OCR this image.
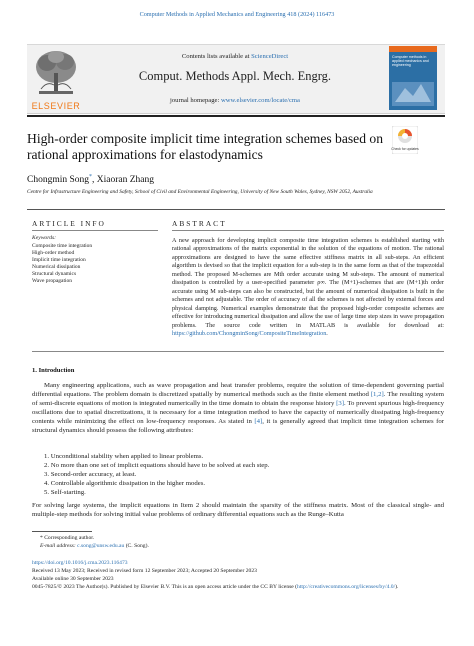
Computer Methods in Applied Mechanics and Engineering 418 (2024) 116473
ELSEVIER
Contents lists available at ScienceDirect
Comput. Methods Appl. Mech. Engrg.
journal homepage: www.elsevier.com/locate/cma
Computer methods in applied mechanics and engineering
High-order composite implicit time integration schemes based on rational approximations for elastodynamics	Check for updates
Chongmin Song*, Xiaoran Zhang
Centre for Infrastructure Engineering and Safety, School of Civil and Environmental Engineering, University of New South Wales, Sydney, NSW 2052, Australia
ARTICLE INFO	ABSTRACT
Keywords:
Composite time integration
High-order method
Implicit time integration
Numerical dissipation
Structural dynamics
Wave propagation
A new approach for developing implicit composite time integration schemes is established starting with rational approximations of the matrix exponential in the solution of the equations of motion. The rational approximations are designed to have the same effective stiffness matrix in all sub-steps. An efficient algorithm is devised so that the implicit equation for a sub-step is in the same form as that of the trapezoidal method. The proposed M-schemes are Mth order accurate using M sub-steps. The amount of numerical dissipation is controlled by a user-specified parameter ρ∞. The (M+1)-schemes that are (M+1)th order accurate using M sub-steps can also be constructed, but the amount of numerical dissipation is built in the schemes and not adjustable. The order of accuracy of all the schemes is not affected by external forces and physical damping. Numerical examples demonstrate that the proposed high-order composite schemes are effective for introducing numerical dissipation and allow the use of large time step sizes in wave propagation problems. The source code written in MATLAB is available for download at: https://github.com/ChongminSong/CompositeTimeIntegration.
1. Introduction
Many engineering applications, such as wave propagation and heat transfer problems, require the solution of time-dependent governing partial differential equations. The problem domain is discretized spatially by numerical methods such as the finite element method [1,2]. The resulting system of semi-discrete equations of motion is integrated numerically in the time domain to obtain the response history [3]. To prevent spurious high-frequency oscillations due to spatial discretizations, it is necessary for a time integration method to have the capacity of numerically dissipating high-frequency contents while minimizing the effect on low-frequency responses. As stated in [4], it is generally agreed that implicit time integration schemes for structural dynamics should possess the following attributes:
1. Unconditional stability when applied to linear problems.
2. No more than one set of implicit equations should have to be solved at each step.
3. Second-order accuracy, at least.
4. Controllable algorithmic dissipation in the higher modes.
5. Self-starting.
For solving large systems, the implicit equations in Item 2 should maintain the sparsity of the stiffness matrix. Most of the classical single- and multiple-step methods for solving initial value problems of ordinary differential equations such as the Runge–Kutta
* Corresponding author.
E-mail address: c.song@unsw.edu.au (C. Song).
https://doi.org/10.1016/j.cma.2023.116473
Received 13 May 2023; Received in revised form 12 September 2023; Accepted 20 September 2023
Available online 30 September 2023
0045-7825/© 2023 The Author(s). Published by Elsevier B.V. This is an open access article under the CC BY license (http://creativecommons.org/licenses/by/4.0/).
